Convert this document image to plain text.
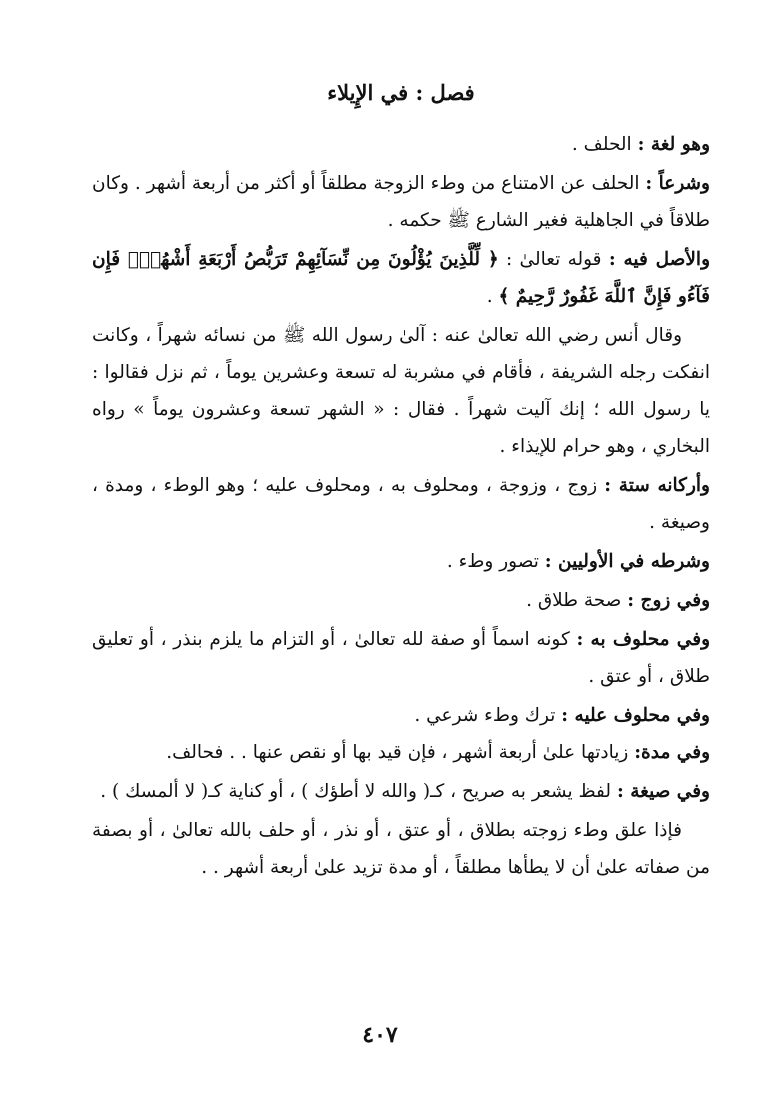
فصل : في الإِيلاء

وهو لغة : الحلف .

وشرعاً : الحلف عن الامتناع من وطء الزوجة مطلقاً أو أكثر من أربعة أشهر . وكان طلاقاً في الجاهلية فغير الشارع ﷺ حكمه .

والأصل فيه : قوله تعالىٰ : ﴿ لِّلَّذِينَ يُؤْلُونَ مِن نِّسَآئِهِمْ تَرَبُّصُ أَرْبَعَةِ أَشْهُرٍۖ فَإِن فَآءُو فَإِنَّ ٱللَّهَ غَفُورٌ رَّحِيمٌ ﴾ .

وقال أنس رضي الله تعالىٰ عنه : آلىٰ رسول الله ﷺ من نسائه شهراً ، وكانت انفكت رجله الشريفة ، فأقام في مشربة له تسعة وعشرين يوماً ، ثم نزل فقالوا : يا رسول الله ؛ إنك آليت شهراً . فقال : « الشهر تسعة وعشرون يوماً » رواه البخاري ، وهو حرام للإيذاء .

وأركانه ستة : زوج ، وزوجة ، ومحلوف به ، ومحلوف عليه ؛ وهو الوطء ، ومدة ، وصيغة .

وشرطه في الأوليين : تصور وطء .

وفي زوج : صحة طلاق .

وفي محلوف به : كونه اسماً أو صفة لله تعالىٰ ، أو التزام ما يلزم بنذر ، أو تعليق طلاق ، أو عتق .

وفي محلوف عليه : ترك وطء شرعي .

وفي مدة: زيادتها علىٰ أربعة أشهر ، فإن قيد بها أو نقص عنها . . فحالف.

وفي صيغة : لفظ يشعر به صريح ، كـ( والله لا أطؤك ) ، أو كناية كـ( لا ألمسك ) .

فإذا علق وطء زوجته بطلاق ، أو عتق ، أو نذر ، أو حلف بالله تعالىٰ ، أو بصفة من صفاته علىٰ أن لا يطأها مطلقاً ، أو مدة تزيد علىٰ أربعة أشهر . .

٤٠٧
